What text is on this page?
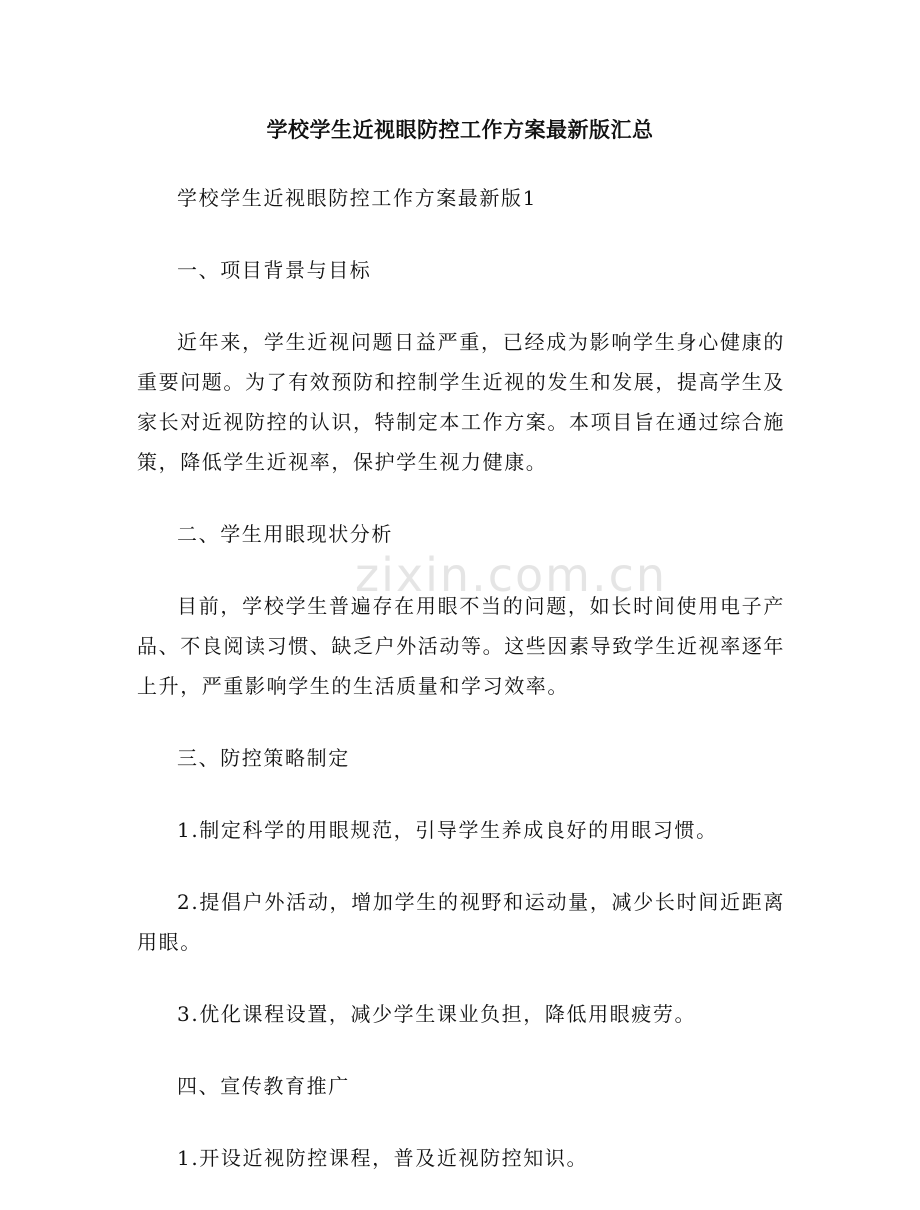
学校学生近视眼防控工作方案最新版汇总

学校学生近视眼防控工作方案最新版1

一、项目背景与目标

近年来，学生近视问题日益严重，已经成为影响学生身心健康的重要问题。为了有效预防和控制学生近视的发生和发展，提高学生及家长对近视防控的认识，特制定本工作方案。本项目旨在通过综合施策，降低学生近视率，保护学生视力健康。

二、学生用眼现状分析

目前，学校学生普遍存在用眼不当的问题，如长时间使用电子产品、不良阅读习惯、缺乏户外活动等。这些因素导致学生近视率逐年上升，严重影响学生的生活质量和学习效率。

三、防控策略制定

1.制定科学的用眼规范，引导学生养成良好的用眼习惯。

2.提倡户外活动，增加学生的视野和运动量，减少长时间近距离用眼。

3.优化课程设置，减少学生课业负担，降低用眼疲劳。

四、宣传教育推广

1.开设近视防控课程，普及近视防控知识。

zixin.com.cn
